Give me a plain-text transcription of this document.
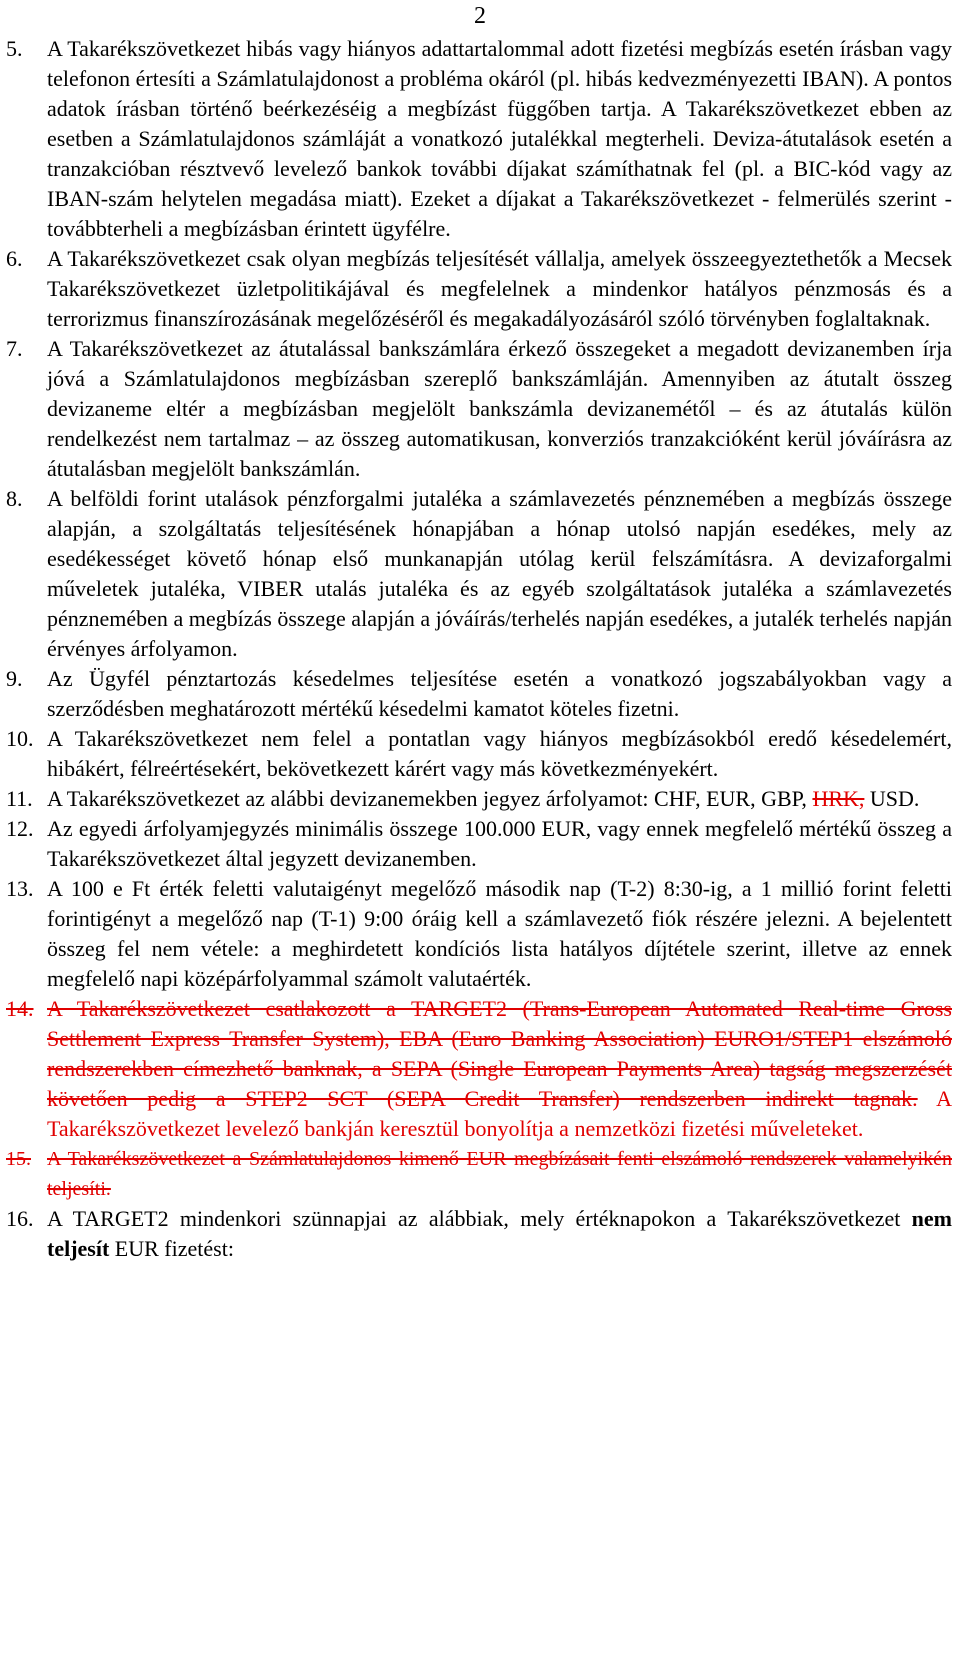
2
5. A Takarékszövetkezet hibás vagy hiányos adattartalommal adott fizetési megbízás esetén írásban vagy telefonon értesíti a Számlatulajdonost a probléma okáról (pl. hibás kedvezményezetti IBAN). A pontos adatok írásban történő beérkezéséig a megbízást függőben tartja. A Takarékszövetkezet ebben az esetben a Számlatulajdonos számláját a vonatkozó jutalékkal megterheli. Deviza-átutalások esetén a tranzakcióban résztvevő levelező bankok további díjakat számíthatnak fel (pl. a BIC-kód vagy az IBAN-szám helytelen megadása miatt). Ezeket a díjakat a Takarékszövetkezet - felmerülés szerint - továbbterheli a megbízásban érintett ügyfélre.
6. A Takarékszövetkezet csak olyan megbízás teljesítését vállalja, amelyek összeegyeztethetők a Mecsek Takarékszövetkezet üzletpolitikájával és megfelelnek a mindenkor hatályos pénzmosás és a terrorizmus finanszírozásának megelőzéséről és megakadályozásáról szóló törvényben foglaltaknak.
7. A Takarékszövetkezet az átutalással bankszámlára érkező összegeket a megadott devizanemben írja jóvá a Számlatulajdonos megbízásban szereplő bankszámláján. Amennyiben az átutalt összeg devizaneme eltér a megbízásban megjelölt bankszámla devizanemétől – és az átutalás külön rendelkezést nem tartalmaz – az összeg automatikusan, konverziós tranzakcióként kerül jóváírásra az átutalásban megjelölt bankszámlán.
8. A belföldi forint utalások pénzforgalmi jutaléka a számlavezetés pénznemében a megbízás összege alapján, a szolgáltatás teljesítésének hónapjában a hónap utolsó napján esedékes, mely az esedékességet követő hónap első munkanapján utólag kerül felszámításra. A devizaforgalmi műveletek jutaléka, VIBER utalás jutaléka és az egyéb szolgáltatások jutaléka a számlavezetés pénznemében a megbízás összege alapján a jóváírás/terhelés napján esedékes, a jutalék terhelés napján érvényes árfolyamon.
9. Az Ügyfél pénztartozás késedelmes teljesítése esetén a vonatkozó jogszabályokban vagy a szerződésben meghatározott mértékű késedelmi kamatot köteles fizetni.
10. A Takarékszövetkezet nem felel a pontatlan vagy hiányos megbízásokból eredő késedelemért, hibákért, félreértésekért, bekövetkezett kárért vagy más következményekért.
11. A Takarékszövetkezet az alábbi devizanemekben jegyez árfolyamot: CHF, EUR, GBP, HRK, USD.
12. Az egyedi árfolyamjegyzés minimális összege 100.000 EUR, vagy ennek megfelelő mértékű összeg a Takarékszövetkezet által jegyzett devizanemben.
13. A 100 e Ft érték feletti valutaigényt megelőző második nap (T-2) 8:30-ig, a 1 millió forint feletti forintigényt a megelőző nap (T-1) 9:00 óráig kell a számlavezető fiók részére jelezni. A bejelentett összeg fel nem vétele: a meghirdetett kondíciós lista hatályos díjtétele szerint, illetve az ennek megfelelő napi középárfolyammal számolt valutaérték.
14. A Takarékszövetkezet csatlakozott a TARGET2 (Trans-European Automated Real-time Gross Settlement Express Transfer System), EBA (Euro Banking Association) EURO1/STEP1 elszámoló rendszerekben címezhető banknak, a SEPA (Single European Payments Area) tagság megszerzését követően pedig a STEP2 SCT (SEPA Credit Transfer) rendszerben indirekt tagnak. A Takarékszövetkezet levelező bankján keresztül bonyolítja a nemzetközi fizetési műveleteket.
15. A Takarékszövetkezet a Számlatulajdonos kimenő EUR megbízásait fenti elszámoló rendszerek valamelyikén teljesíti.
16. A TARGET2 mindenkori szünnapjai az alábbiak, mely értéknapokon a Takarékszövetkezet nem teljesít EUR fizetést:
